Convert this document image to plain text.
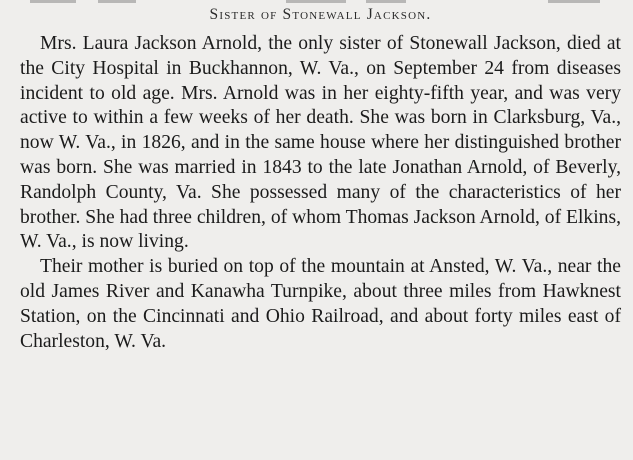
Sister of Stonewall Jackson.

Mrs. Laura Jackson Arnold, the only sister of Stonewall Jackson, died at the City Hospital in Buckhannon, W. Va., on September 24 from diseases incident to old age. Mrs. Arnold was in her eighty-fifth year, and was very active to within a few weeks of her death. She was born in Clarksburg, Va., now W. Va., in 1826, and in the same house where her distinguished brother was born. She was married in 1843 to the late Jonathan Arnold, of Beverly, Randolph County, Va. She possessed many of the characteristics of her brother. She had three children, of whom Thomas Jackson Arnold, of Elkins, W. Va., is now living.

Their mother is buried on top of the mountain at Ansted, W. Va., near the old James River and Kanawha Turnpike, about three miles from Hawknest Station, on the Cincinnati and Ohio Railroad, and about forty miles east of Charleston, W. Va.
